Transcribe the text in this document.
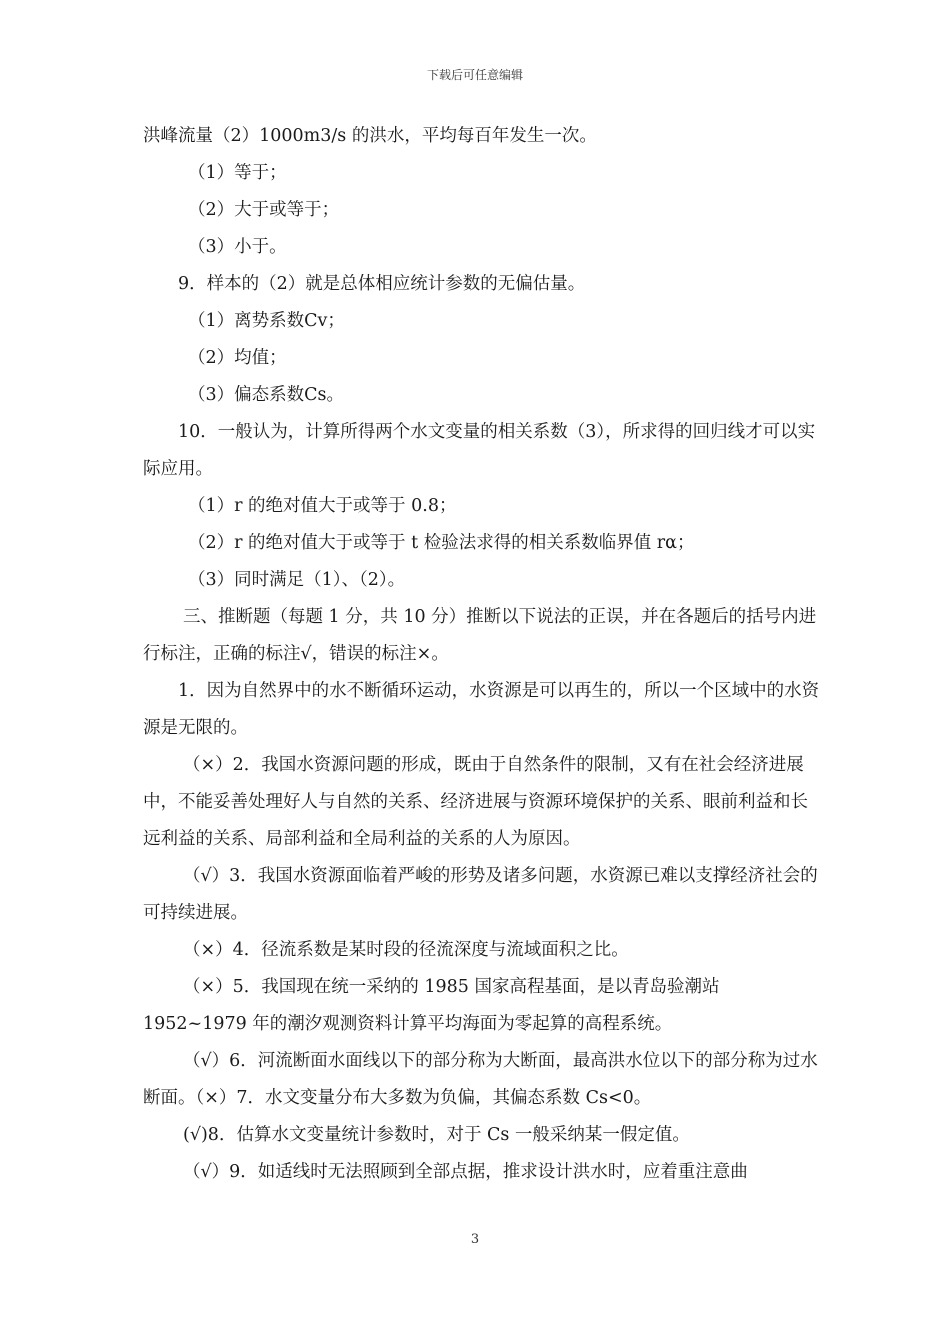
下载后可任意编辑

洪峰流量（2）1000m3/s 的洪水，平均每百年发生一次。

（1）等于；

（2）大于或等于；

（3）小于。

9．样本的（2）就是总体相应统计参数的无偏估量。

（1）离势系数Cv；

（2）均值；

（3）偏态系数Cs。

10．一般认为，计算所得两个水文变量的相关系数（3），所求得的回归线才可以实际应用。

（1）r 的绝对值大于或等于 0.8；

（2）r 的绝对值大于或等于 t 检验法求得的相关系数临界值 rα；

（3）同时满足（1）、（2）。

三、推断题（每题 1 分，共 10 分）推断以下说法的正误，并在各题后的括号内进行标注，正确的标注√，错误的标注×。

1．因为自然界中的水不断循环运动，水资源是可以再生的，所以一个区域中的水资源是无限的。

（×）2．我国水资源问题的形成，既由于自然条件的限制，又有在社会经济进展中，不能妥善处理好人与自然的关系、经济进展与资源环境保护的关系、眼前利益和长远利益的关系、局部利益和全局利益的关系的人为原因。

（√）3．我国水资源面临着严峻的形势及诸多问题，水资源已难以支撑经济社会的可持续进展。

（×）4．径流系数是某时段的径流深度与流域面积之比。

（×）5．我国现在统一采纳的 1985 国家高程基面，是以青岛验潮站 1952~1979 年的潮汐观测资料计算平均海面为零起算的高程系统。

（√）6．河流断面水面线以下的部分称为大断面，最高洪水位以下的部分称为过水断面。（×）7．水文变量分布大多数为负偏，其偏态系数 Cs<0。

(√)8．估算水文变量统计参数时，对于 Cs 一般采纳某一假定值。

（√）9．如适线时无法照顾到全部点据，推求设计洪水时，应着重注意曲

3
